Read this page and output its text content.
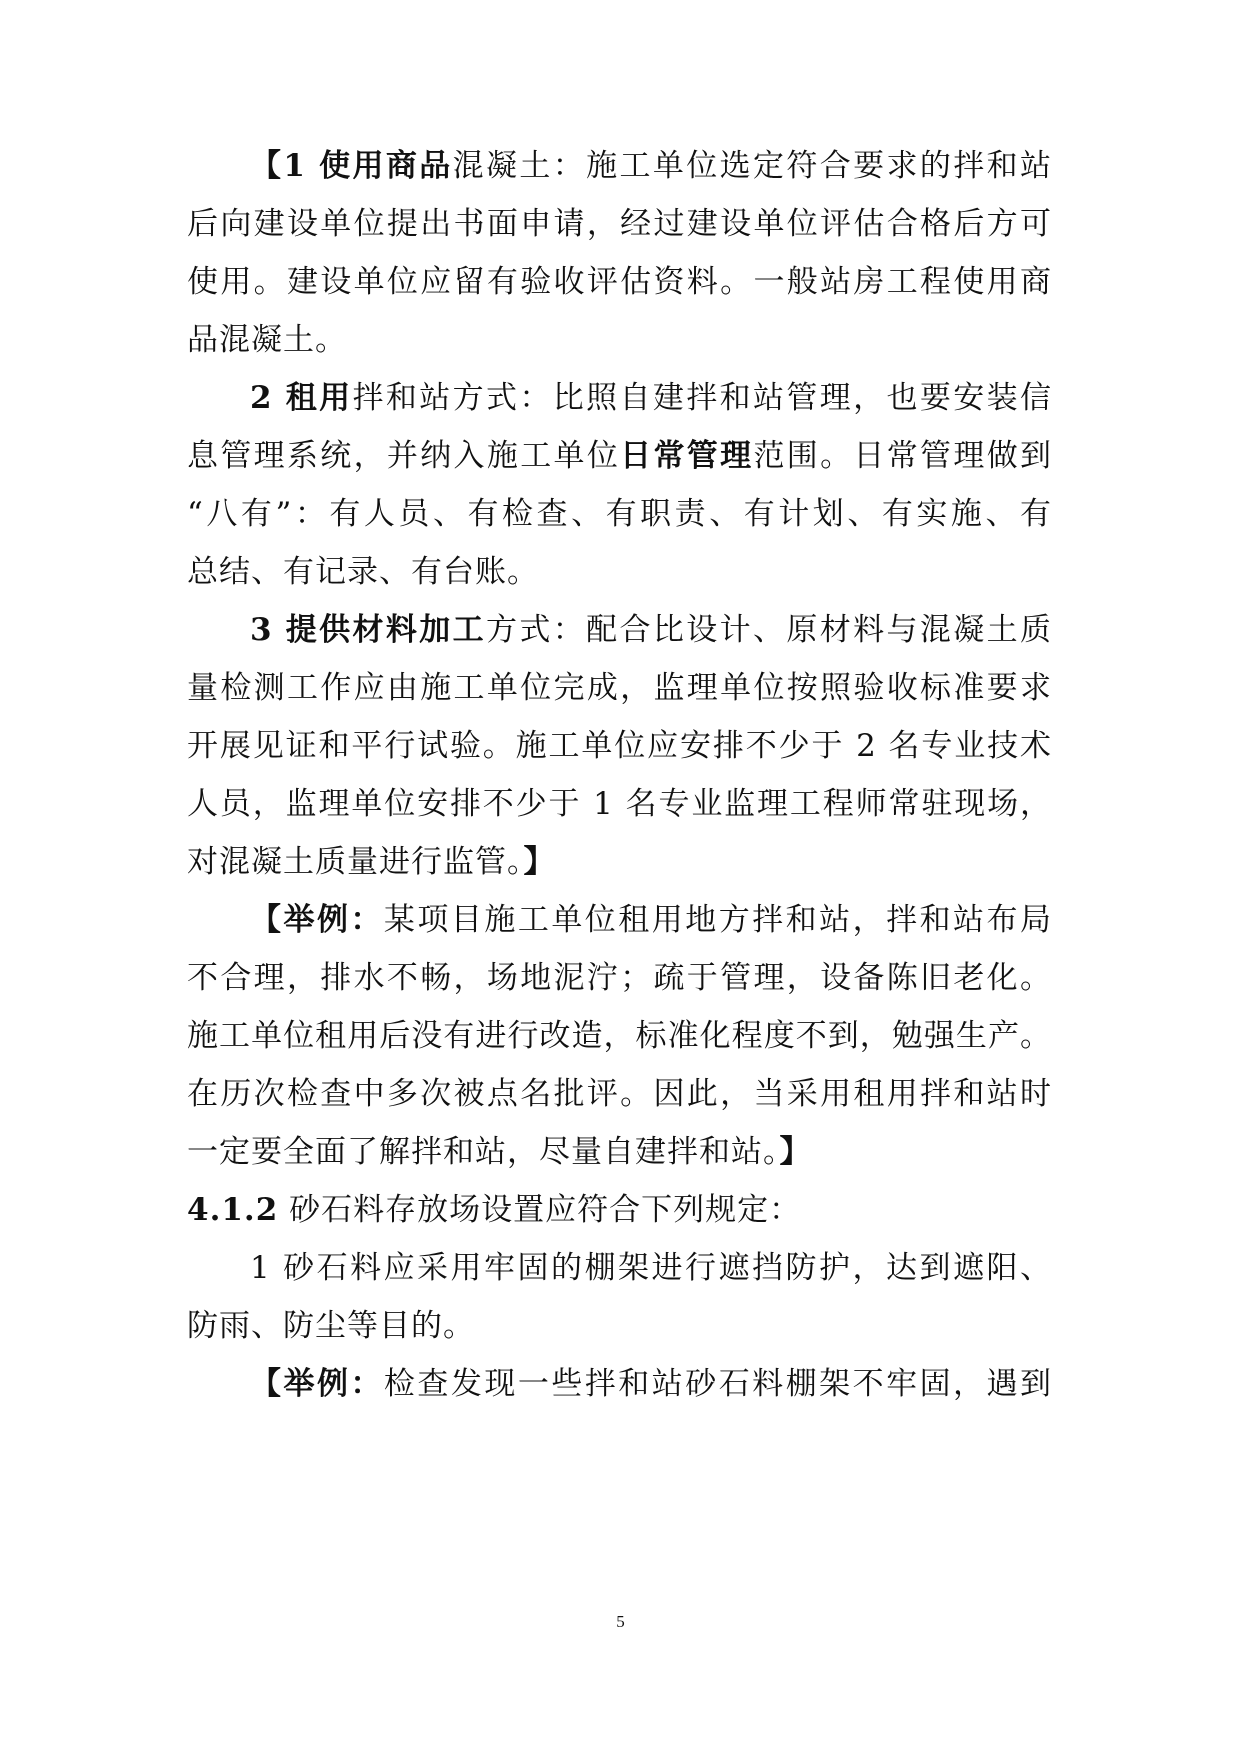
【1 使用商品混凝土：施工单位选定符合要求的拌和站
后向建设单位提出书面申请，经过建设单位评估合格后方可
使用。建设单位应留有验收评估资料。一般站房工程使用商
品混凝土。
2 租用拌和站方式：比照自建拌和站管理，也要安装信
息管理系统，并纳入施工单位日常管理范围。日常管理做到
“八有”：有人员、有检查、有职责、有计划、有实施、有
总结、有记录、有台账。
3 提供材料加工方式：配合比设计、原材料与混凝土质
量检测工作应由施工单位完成，监理单位按照验收标准要求
开展见证和平行试验。施工单位应安排不少于 2 名专业技术
人员，监理单位安排不少于 1 名专业监理工程师常驻现场，
对混凝土质量进行监管。】
【举例：某项目施工单位租用地方拌和站，拌和站布局
不合理，排水不畅，场地泥泞；疏于管理，设备陈旧老化。
施工单位租用后没有进行改造，标准化程度不到，勉强生产。
在历次检查中多次被点名批评。因此，当采用租用拌和站时
一定要全面了解拌和站，尽量自建拌和站。】
4.1.2 砂石料存放场设置应符合下列规定：
1 砂石料应采用牢固的棚架进行遮挡防护，达到遮阳、
防雨、防尘等目的。
【举例：检查发现一些拌和站砂石料棚架不牢固，遇到
5
